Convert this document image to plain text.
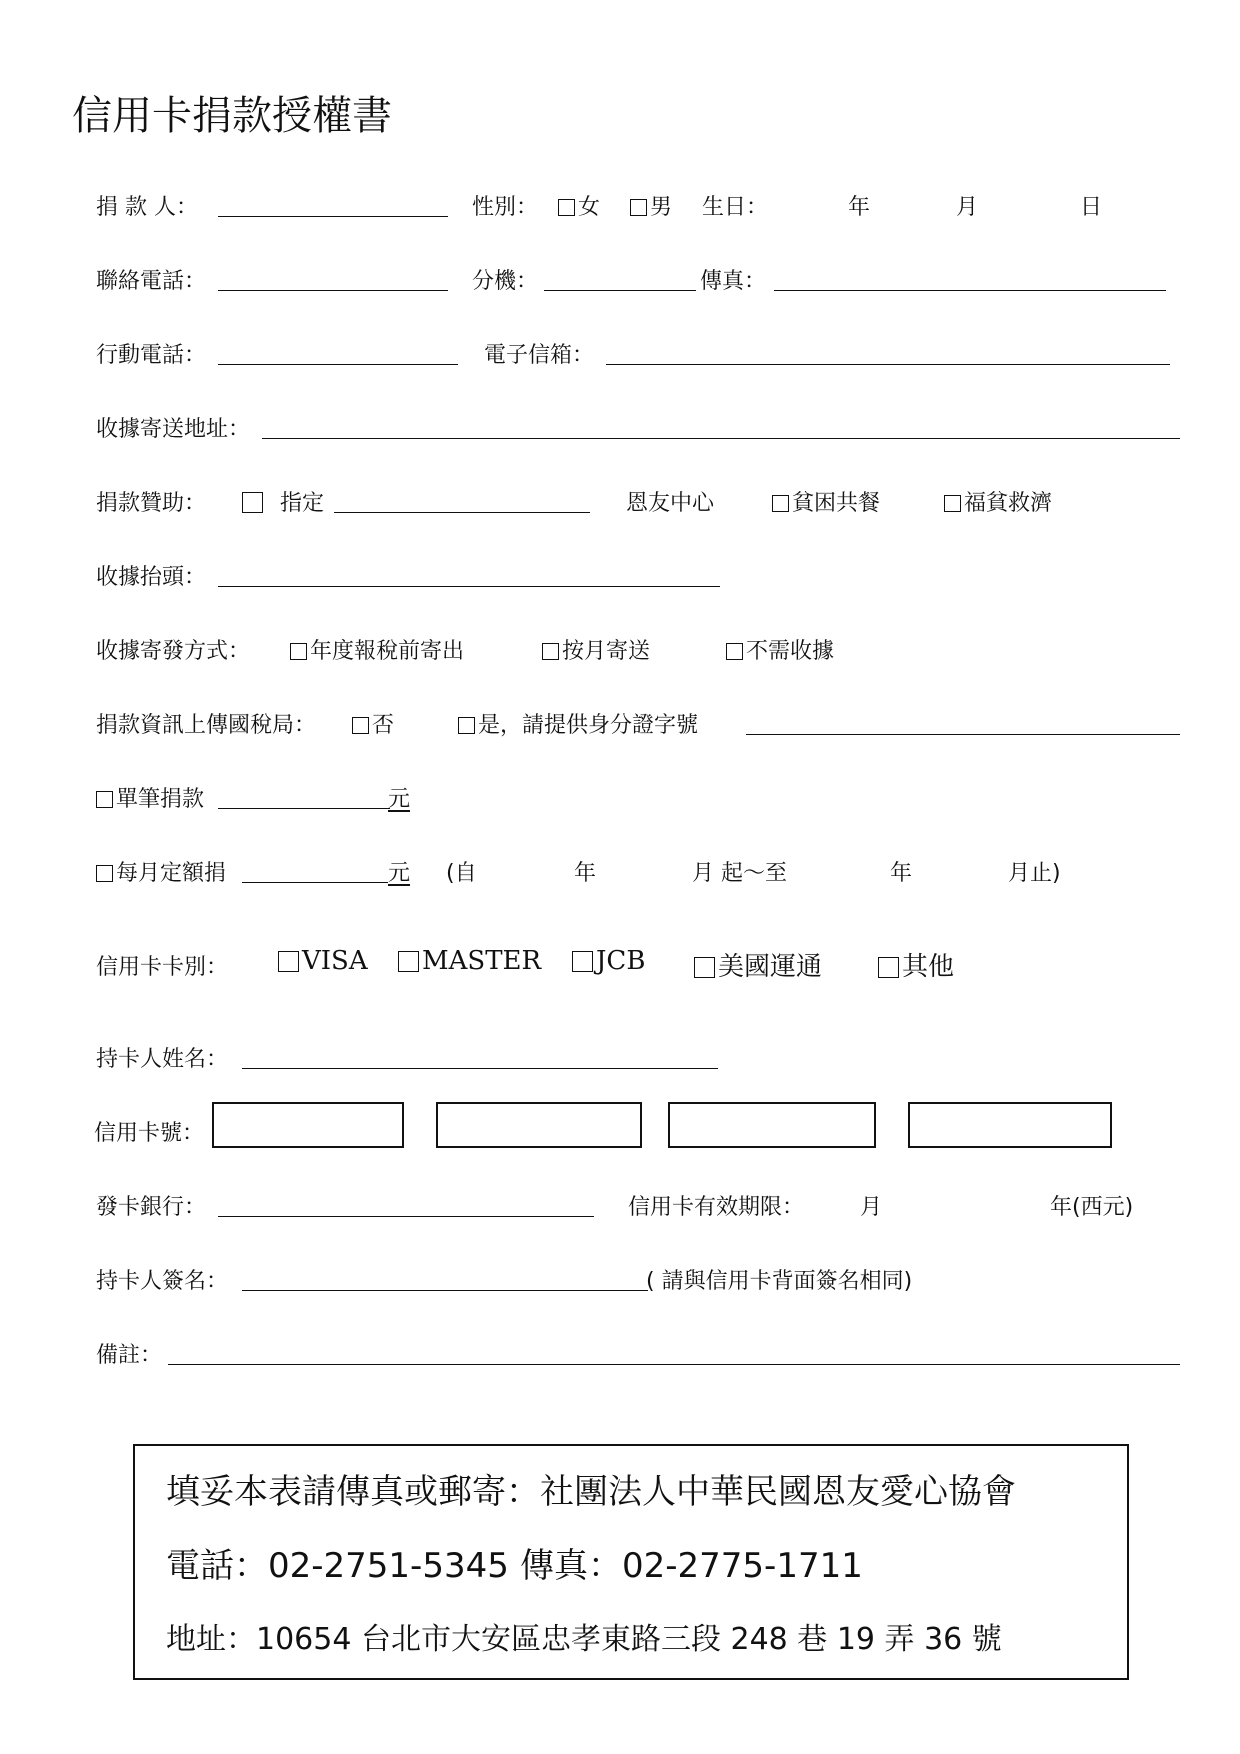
信用卡捐款授權書
捐 款 人：	性別：	女	男 生日：	年	月	日
聯絡電話：	分機：	傳真：
行動電話：	電子信箱：
收據寄送地址：
捐款贊助：	指定	恩友中心	貧困共餐	福貧救濟
收據抬頭：
收據寄發方式：	年度報稅前寄出	按月寄送	不需收據
捐款資訊上傳國稅局：	否	是，請提供身分證字號
單筆捐款	元
每月定額捐	元 (自	年	月 起～至	年	月止)
信用卡卡別：	VISA	MASTER	JCB	美國運通	其他
持卡人姓名：
信用卡號：
發卡銀行：	信用卡有效期限：	月	年(西元)
持卡人簽名：	( 請與信用卡背面簽名相同)
備註：
填妥本表請傳真或郵寄：社團法人中華民國恩友愛心協會
電話：02-2751-5345 傳真：02-2775-1711
地址：10654 台北市大安區忠孝東路三段 248 巷 19 弄 36 號
